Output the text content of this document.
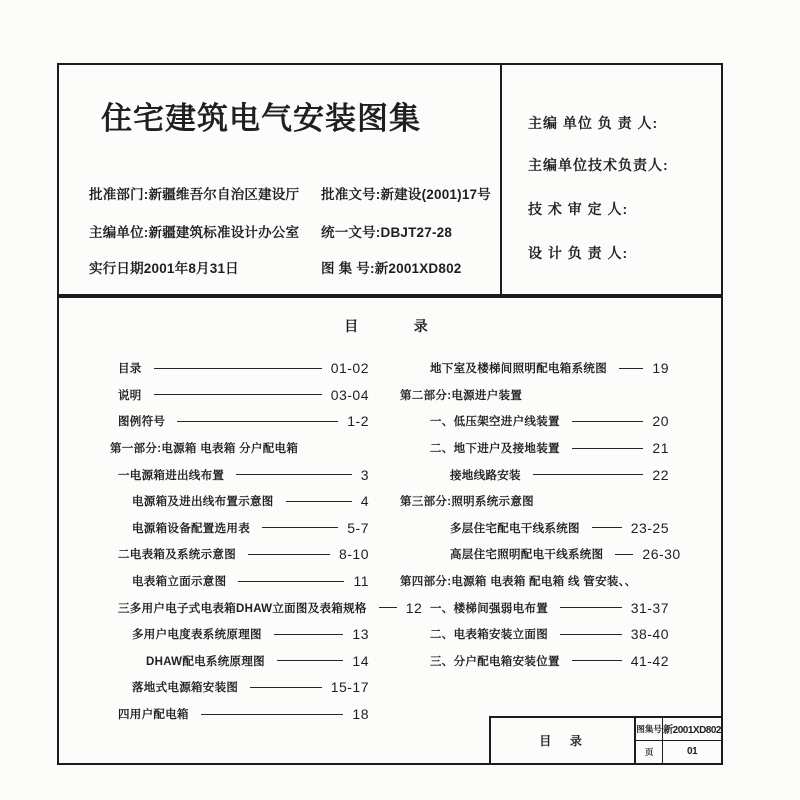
住宅建筑电气安装图集
批准部门:新疆维吾尔自治区建设厅
主编单位:新疆建筑标准设计办公室
实行日期2001年8月31日
批准文号:新建设(2001)17号
统一文号:DBJT27-28
图 集 号:新2001XD802
主编 单位 负 责 人:
主编单位技术负责人:
技 术 审 定 人:
设 计 负 责 人:
目    录
目录	01-02
说明	03-04
图例符号	1-2
第一部分:电源箱 电表箱 分户配电箱
一电源箱进出线布置	3
电源箱及进出线布置示意图	4
电源箱设备配置选用表	5-7
二电表箱及系统示意图	8-10
电表箱立面示意图	11
三多用户电子式电表箱DHAW立面图及表箱规格	12
多用户电度表系统原理图	13
DHAW配电系统原理图	14
落地式电源箱安装图	15-17
四用户配电箱	18
地下室及楼梯间照明配电箱系统图	19
第二部分:电源进户装置
一、低压架空进户线装置	20
二、地下进户及接地装置	21
接地线路安装	22
第三部分:照明系统示意图
多层住宅配电干线系统图	23-25
高层住宅照明配电干线系统图	26-30
第四部分:电源箱 电表箱 配电箱 线 管安装、、
一、楼梯间强弱电布置	31-37
二、电表箱安装立面图	38-40
三、分户配电箱安装位置	41-42
目  录
图集号 新2001XD802
页	01
